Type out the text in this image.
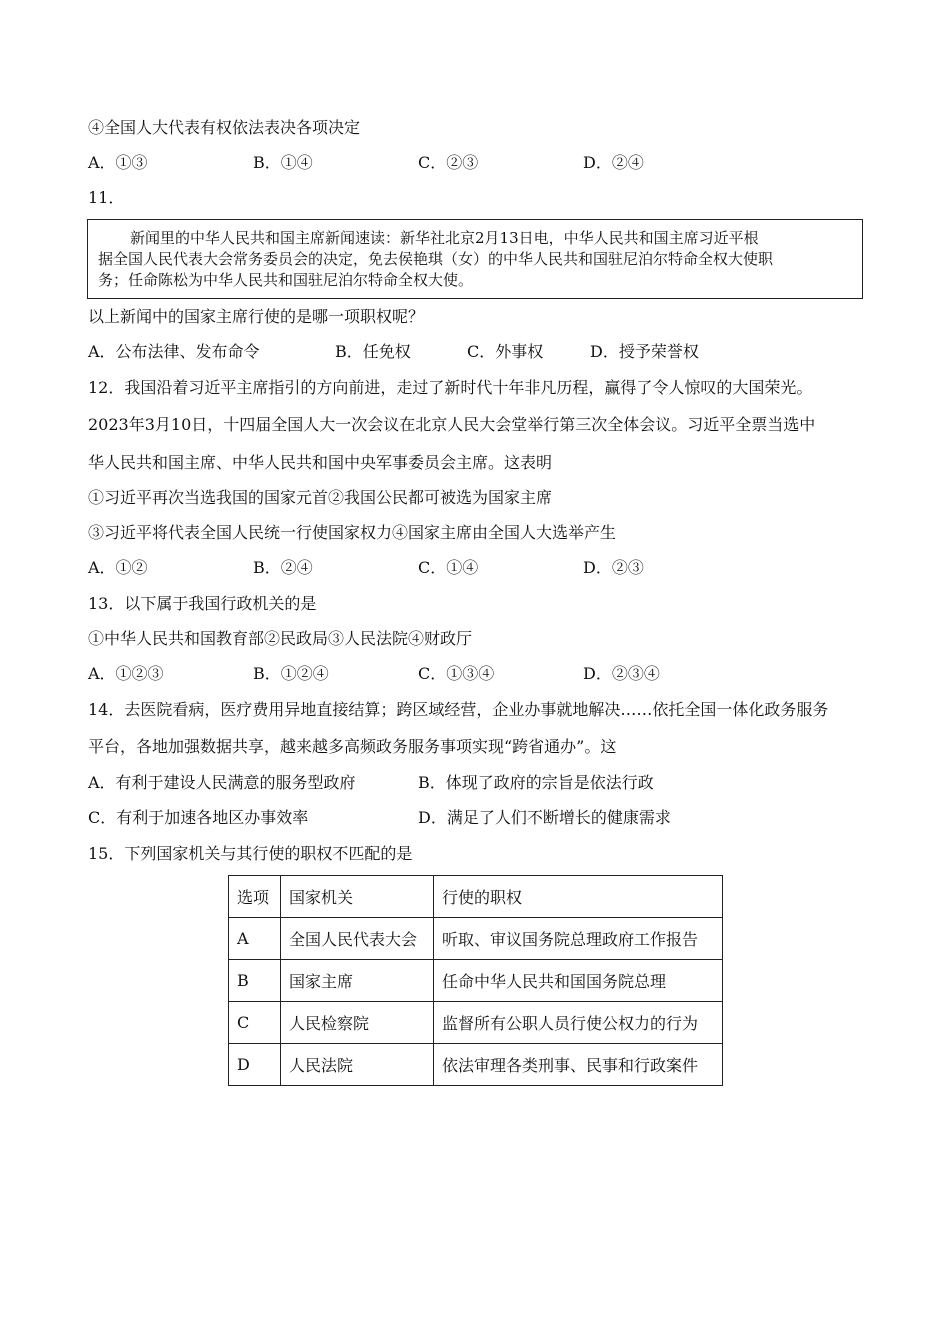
④全国人大代表有权依法表决各项决定
A．①③	B．①④	C．②③	D．②④
11．

新闻里的中华人民共和国主席新闻速读：新华社北京2月13日电，中华人民共和国主席习近平根

据全国人民代表大会常务委员会的决定，免去侯艳琪（女）的中华人民共和国驻尼泊尔特命全权大使职

务；任命陈松为中华人民共和国驻尼泊尔特命全权大使。

以上新闻中的国家主席行使的是哪一项职权呢？
A．公布法律、发布命令	B．任免权	C．外事权	D．授予荣誉权
12．我国沿着习近平主席指引的方向前进，走过了新时代十年非凡历程，赢得了令人惊叹的大国荣光。
2023年3月10日，十四届全国人大一次会议在北京人民大会堂举行第三次全体会议。习近平全票当选中
华人民共和国主席、中华人民共和国中央军事委员会主席。这表明
①习近平再次当选我国的国家元首②我国公民都可被选为国家主席
③习近平将代表全国人民统一行使国家权力④国家主席由全国人大选举产生
A．①②	B．②④	C．①④	D．②③
13．以下属于我国行政机关的是
①中华人民共和国教育部②民政局③人民法院④财政厅
A．①②③	B．①②④	C．①③④	D．②③④
14．去医院看病，医疗费用异地直接结算；跨区域经营，企业办事就地解决……依托全国一体化政务服务
平台，各地加强数据共享，越来越多高频政务服务事项实现“跨省通办”。这
A．有利于建设人民满意的服务型政府	B．体现了政府的宗旨是依法行政
C．有利于加速各地区办事效率	D．满足了人们不断增长的健康需求
15．下列国家机关与其行使的职权不匹配的是
选项	国家机关	行使的职权
A	全国人民代表大会	听取、审议国务院总理政府工作报告
B	国家主席	任命中华人民共和国国务院总理
C	人民检察院	监督所有公职人员行使公权力的行为
D	人民法院	依法审理各类刑事、民事和行政案件
